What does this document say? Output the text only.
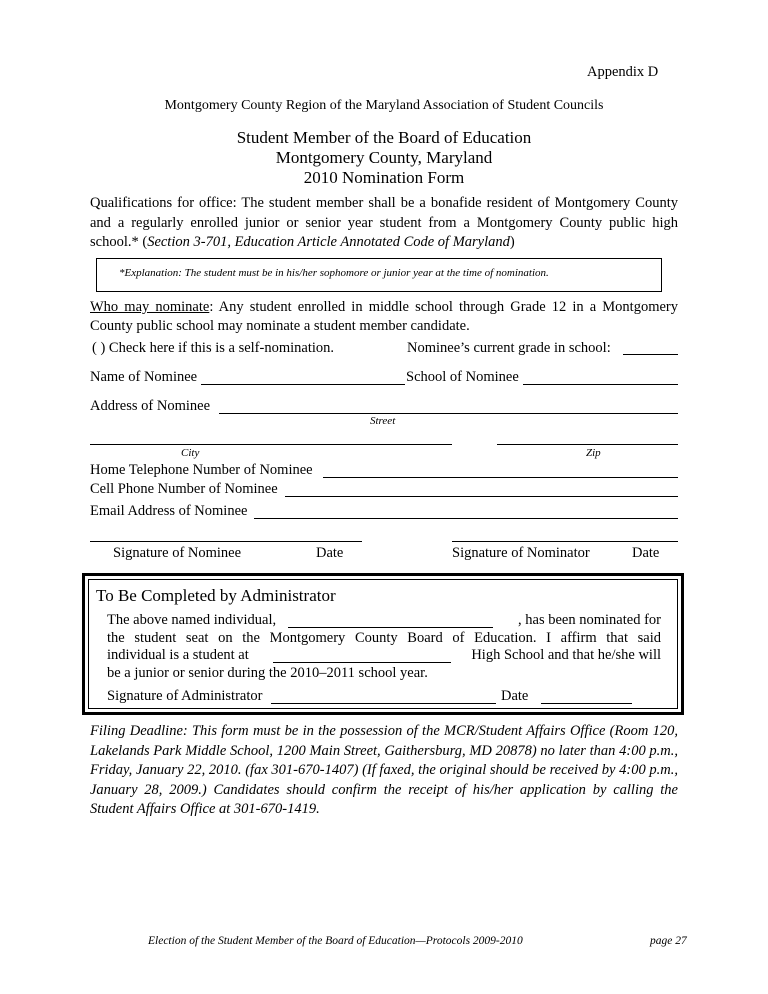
Appendix D
Montgomery County Region of the Maryland Association of Student Councils
Student Member of the Board of Education
Montgomery County, Maryland
2010 Nomination Form
Qualifications for office: The student member shall be a bonafide resident of Montgomery County and a regularly enrolled junior or senior year student from a Montgomery County public high school.* (Section 3-701, Education Article Annotated Code of Maryland)
*Explanation: The student must be in his/her sophomore or junior year at the time of nomination.
Who may nominate: Any student enrolled in middle school through Grade 12 in a Montgomery County public school may nominate a student member candidate.
( ) Check here if this is a self-nomination.	Nominee’s current grade in school:
Name of Nominee	School of Nominee
Address of Nominee
Street
City	Zip
Home Telephone Number of Nominee
Cell Phone Number of Nominee
Email Address of Nominee
Signature of Nominee	Date	Signature of Nominator	Date
To Be Completed by Administrator
The above named individual,	, has been nominated for
the student seat on the Montgomery County Board of Education. I affirm that said
individual is a student at	High School and that he/she will
be a junior or senior during the 2010–2011 school year.
Signature of Administrator	Date
Filing Deadline: This form must be in the possession of the MCR/Student Affairs Office (Room 120, Lakelands Park Middle School, 1200 Main Street, Gaithersburg, MD 20878) no later than 4:00 p.m., Friday, January 22, 2010. (fax 301-670-1407) (If faxed, the original should be received by 4:00 p.m., January 28, 2009.) Candidates should confirm the receipt of his/her application by calling the Student Affairs Office at 301-670-1419.
Election of the Student Member of the Board of Education—Protocols 2009-2010	page 27
